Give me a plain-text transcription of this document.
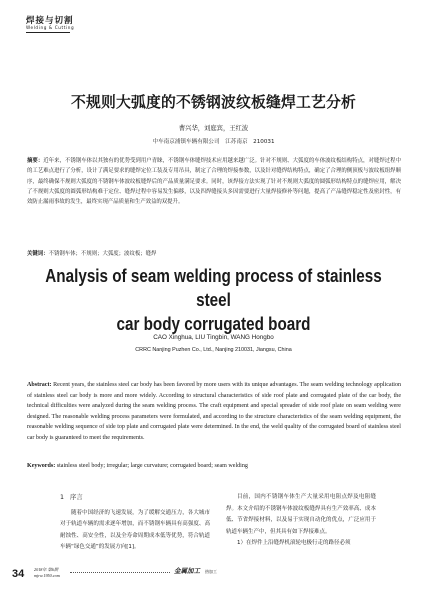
焊接与切割
Welding & Cutting
不规则大弧度的不锈钢波纹板缝焊工艺分析
曹兴华，刘庭宾，王红波
中车南京浦镇车辆有限公司　江苏南京　210031
摘要：近年来，不锈钢车体以其独有的优势受到用户青睐，不锈钢车体缝焊技术应用越来越广泛。针对不规则、大弧度的车体波纹板结构特点，对缝焊过程中的工艺难点进行了分析，设计了满足要求的缝焊定位工装及专用吊具，制定了合理的焊接参数，以及针对缝焊结构特点，确定了合理的侧顶板与波纹板组焊顺序，最终确保不规则大弧度的不锈钢车体波纹板缝焊后的产品质量满足要求。同时，该焊接方法实现了针对不规则大弧度的圆弧形结构特点的缝焊应用，解决了不规则大弧度的圆弧形结构难于定位、缝焊过程中容易发生偏移，以及四焊缝接头多因需要进行大量焊接修补等问题，提高了产品缝焊稳定性及密封性，有效防止漏雨事故的发生，最终实现产品质量和生产效益的双提升。
关键词：不锈钢车体；不规则；大弧度；波纹板；缝焊
Analysis of seam welding process of stainless steel
car body corrugated board
CAO Xinghua, LIU Tingbin, WANG Hongbo
CRRC Nanjing Puzhen Co., Ltd., Nanjing 210031, Jiangsu, China
Abstract: Recent years, the stainless steel car body has been favored by more users with its unique advantages. The seam welding technology application of stainless steel car body is more and more widely. According to structural characteristics of side roof plate and corrugated plate of the car body, the technical difficulties were analyzed during the seam welding process. The craft equipment and special spreader of side roof plate on seam welding were designed. The reasonable welding process parameters were formulated, and according to the structure characteristics of the seam welding equipment, the reasonable welding sequence of side top plate and corrugated plate were determined. In the end, the weld quality of the corrugated board of stainless steel car body is guaranteed to meet the requirements.
Keywords: stainless steel body; irregular; large curvature; corrugated board; seam welding
1 序言

随着中国经济的飞速发展，为了缓解交通压力，各大城市对于轨道车辆的需求逐年增加，而不锈钢车辆具有高强度、高耐蚀性、高安全性，以及全寿命周期成本低等优势，符合轨道车辆“绿色交通”的发展方向[1]。

目前，国内不锈钢车体生产大量采用电阻点焊及电阻缝焊。本文介绍的不锈钢车体波纹板缝焊具有生产效率高、成本低、节省焊接材料，以及易于实现自动化的优点，广泛应用于轨道车辆生产中，但其具有如下焊接难点。

1）在焊件上沿缝焊机滚轮电极行走的路径必须

34 2018年 第6期
mjrw.1950.com
金属加工 热加工
